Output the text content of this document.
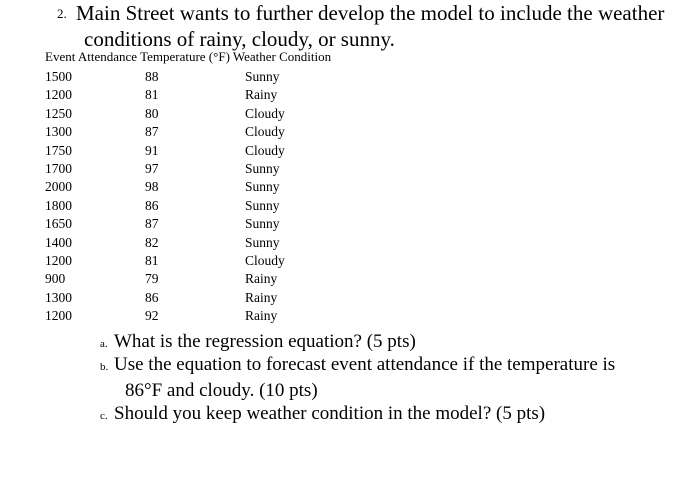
2. Main Street wants to further develop the model to include the weather
conditions of rainy, cloudy, or sunny.
Event Attendance Temperature (°F) Weather Condition
1500	88	Sunny
1200	81	Rainy
1250	80	Cloudy
1300	87	Cloudy
1750	91	Cloudy
1700	97	Sunny
2000	98	Sunny
1800	86	Sunny
1650	87	Sunny
1400	82	Sunny
1200	81	Cloudy
900	79	Rainy
1300	86	Rainy
1200	92	Rainy
a. What is the regression equation? (5 pts)
b. Use the equation to forecast event attendance if the temperature is
86°F and cloudy. (10 pts)
c. Should you keep weather condition in the model? (5 pts)
